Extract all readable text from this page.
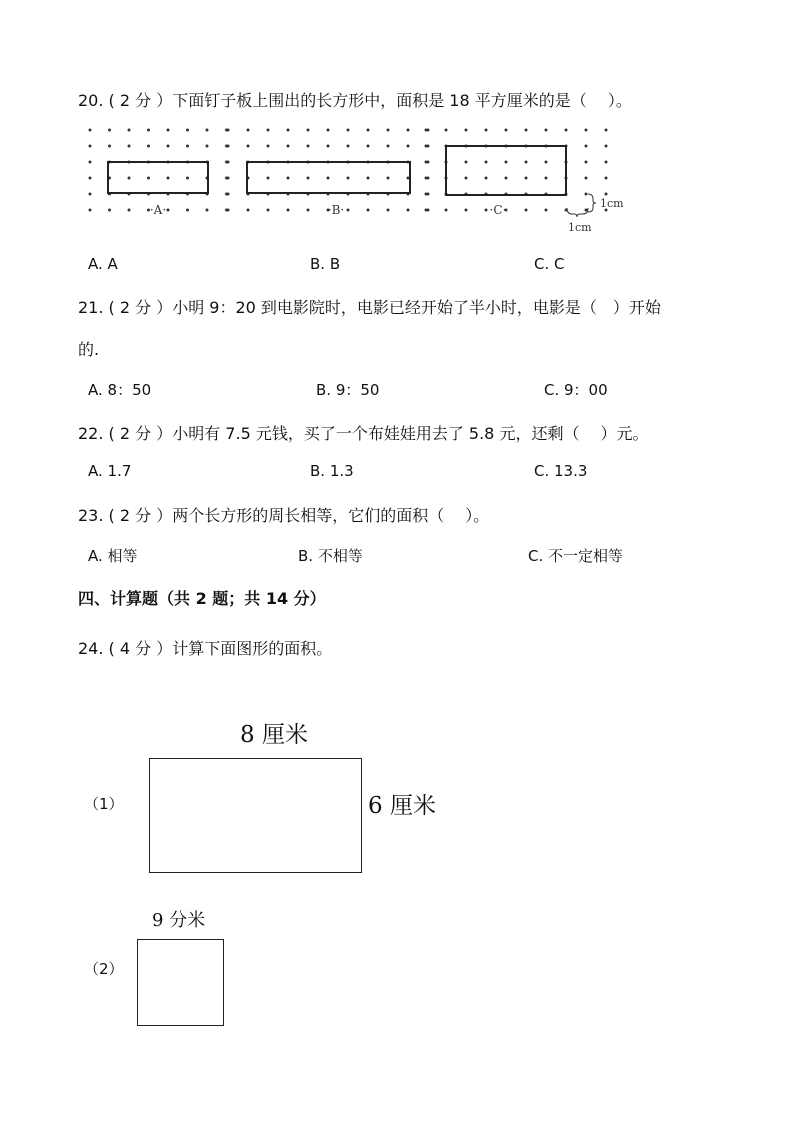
20. ( 2 分 ）下面钉子板上围出的长方形中，面积是 18 平方厘米的是（　 ）。
·A·	·B·	·C·	1cm
1cm
A. A	B. B	C. C
21. ( 2 分 ）小明 9：20 到电影院时，电影已经开始了半小时，电影是（　）开始
的.
A. 8：50	B. 9：50	C. 9：00
22. ( 2 分 ）小明有 7.5 元钱，买了一个布娃娃用去了 5.8 元，还剩（　 ）元。
A. 1.7	B. 1.3	C. 13.3
23. ( 2 分 ）两个长方形的周长相等，它们的面积（　 ）。
A. 相等	B. 不相等	C. 不一定相等
四、计算题（共 2 题；共 14 分）
24. ( 4 分 ）计算下面图形的面积。
8 厘米
（1）	6 厘米
9 分米
（2）
